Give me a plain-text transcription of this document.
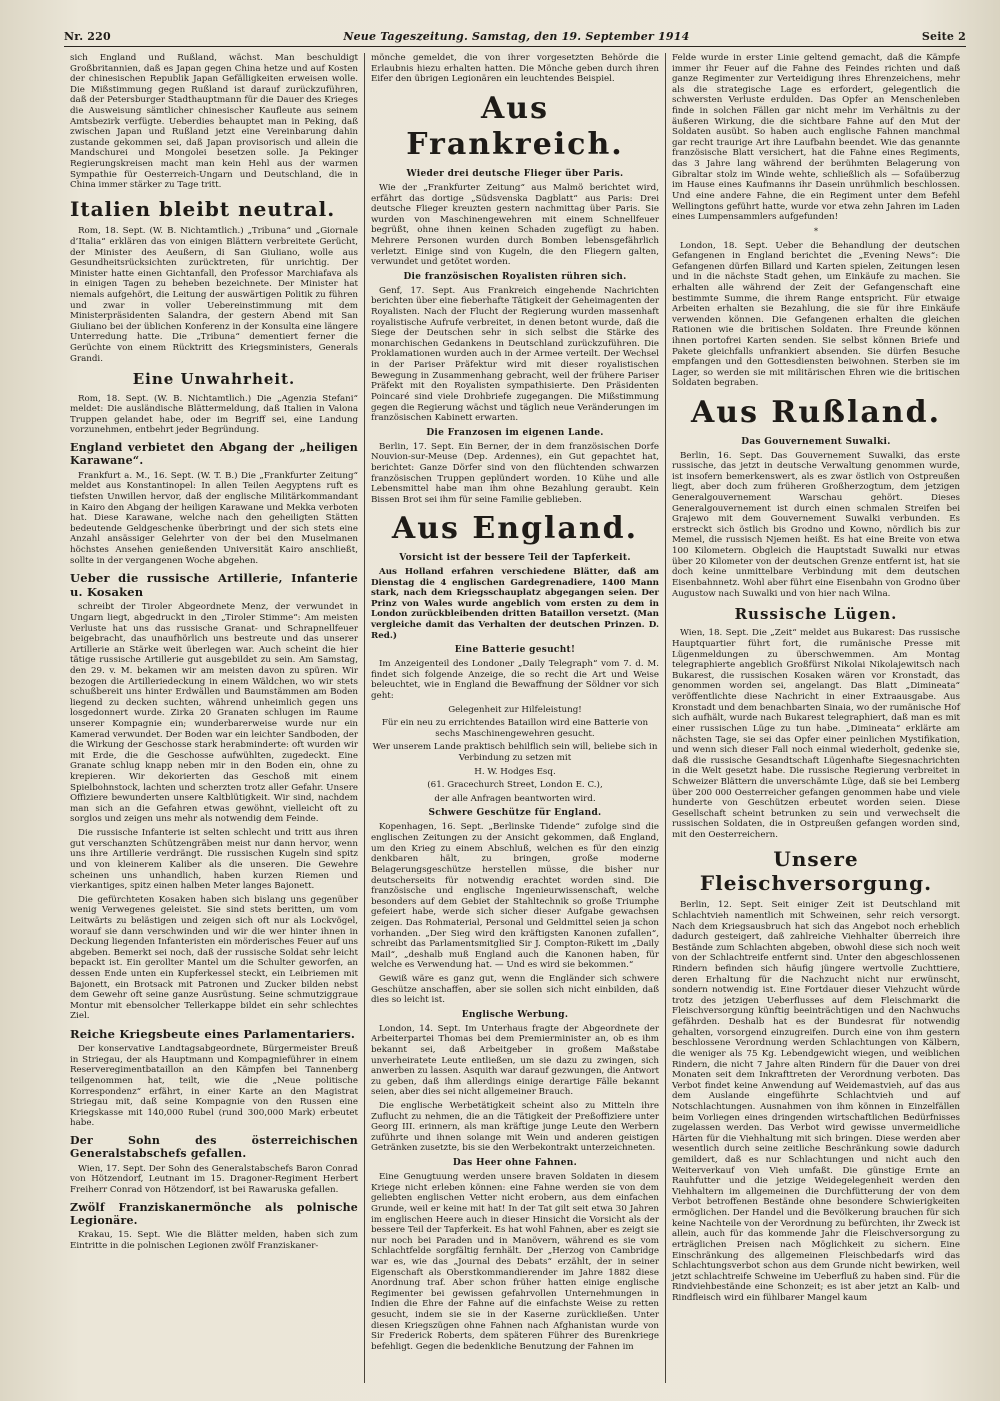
Nr. 220	Neue Tageszeitung. Samstag, den 19. September 1914	Seite 2

sich England und Rußland, wächst. Man beschuldigt Großbritannien, daß es Japan gegen China hetze und auf Kosten der chinesischen Republik Japan Gefälligkeiten erweisen wolle. Die Mißstimmung gegen Rußland ist darauf zurückzuführen, daß der Petersburger Stadthauptmann für die Dauer des Krieges die Ausweisung sämtlicher chinesischer Kaufleute aus seinem Amtsbezirk verfügte. Ueberdies behauptet man in Peking, daß zwischen Japan und Rußland jetzt eine Vereinbarung dahin zustande gekommen sei, daß Japan provisorisch und allein die Mandschurei und Mongolei besetzen solle. Ja Pekinger Regierungskreisen macht man kein Hehl aus der warmen Sympathie für Oesterreich-Ungarn und Deutschland, die in China immer stärker zu Tage tritt.

Italien bleibt neutral.

Rom, 18. Sept. (W. B. Nichtamtlich.) „Tribuna“ und „Giornale d’Italia“ erklären das von einigen Blättern verbreitete Gerücht, der Minister des Aeußern, di San Giuliano, wolle aus Gesundheitsrücksichten zurücktreten, für unrichtig. Der Minister hatte einen Gichtanfall, den Professor Marchiafava als in einigen Tagen zu beheben bezeichnete. Der Minister hat niemals aufgehört, die Leitung der auswärtigen Politik zu führen und zwar in voller Uebereinstimmung mit dem Ministerpräsidenten Salandra, der gestern Abend mit San Giuliano bei der üblichen Konferenz in der Konsulta eine längere Unterredung hatte. Die „Tribuna“ dementiert ferner die Gerüchte von einem Rücktritt des Kriegsministers, Generals Grandi.

Eine Unwahrheit.

Rom, 18. Sept. (W. B. Nichtamtlich.) Die „Agenzia Stefani“ meldet: Die ausländische Blättermeldung, daß Italien in Valona Truppen gelandet habe, oder im Begriff sei, eine Landung vorzunehmen, entbehrt jeder Begründung.

England verbietet den Abgang der „heiligen Karawane“.

Frankfurt a. M., 16. Sept. (W. T. B.) Die „Frankfurter Zeitung“ meldet aus Konstantinopel: In allen Teilen Aegyptens ruft es tiefsten Unwillen hervor, daß der englische Militärkommandant in Kairo den Abgang der heiligen Karawane und Mekka verboten hat. Diese Karawane, welche nach den geheiligten Stätten bedeutende Geldgeschenke überbringt und der sich stets eine Anzahl ansässiger Gelehrter von der bei den Muselmanen höchstes Ansehen genießenden Universität Kairo anschließt, sollte in der vergangenen Woche abgehen.

Ueber die russische Artillerie, Infanterie u. Kosaken

schreibt der Tiroler Abgeordnete Menz, der verwundet in Ungarn liegt, abgedruckt in den „Tiroler Stimme“: Am meisten Verluste hat uns das russische Granat- und Schrapnellfeuer beigebracht, das unaufhörlich uns bestreute und das unserer Artillerie an Stärke weit überlegen war. Auch scheint die hier tätige russische Artillerie gut ausgebildet zu sein. Am Samstag, den 29. v. M. bekamen wir am meisten davon zu spüren. Wir bezogen die Artilleriedeckung in einem Wäldchen, wo wir stets schußbereit uns hinter Erdwällen und Baumstämmen am Boden liegend zu decken suchten, während unheimlich gegen uns losgedonnert wurde. Zirka 20 Granaten schlugen im Raume unserer Kompagnie ein; wunderbarerweise wurde nur ein Kamerad verwundet. Der Boden war ein leichter Sandboden, der die Wirkung der Geschosse stark herabminderte: oft wurden wir mit Erde, die die Geschosse aufwühlten, zugedeckt. Eine Granate schlug knapp neben mir in den Boden ein, ohne zu krepieren. Wir dekorierten das Geschoß mit einem Spielbohnstock, lachten und scherzten trotz aller Gefahr. Unsere Offiziere bewunderten unsere Kaltblütigkeit. Wir sind, nachdem man sich an die Gefahren etwas gewöhnt, vielleicht oft zu sorglos und zeigen uns mehr als notwendig dem Feinde.

Die russische Infanterie ist selten schlecht und tritt aus ihren gut verschanzten Schützengräben meist nur dann hervor, wenn uns ihre Artillerie verdrängt. Die russischen Kugeln sind spitz und von kleinerem Kaliber als die unseren. Die Gewehre scheinen uns unhandlich, haben kurzen Riemen und vierkantiges, spitz einen halben Meter langes Bajonett.

Die gefürchteten Kosaken haben sich bislang uns gegenüber wenig Verwegenes geleistet. Sie sind stets beritten, um vom Leitwärts zu belästigen und zeigen sich oft nur als Lockvögel, worauf sie dann verschwinden und wir die wer hinter ihnen in Deckung liegenden Infanteristen ein mörderisches Feuer auf uns abgeben. Bemerkt sei noch, daß der russische Soldat sehr leicht bepackt ist. Ein gerollter Mantel um die Schulter geworfen, an dessen Ende unten ein Kupferkessel steckt, ein Leibriemen mit Bajonett, ein Brotsack mit Patronen und Zucker bilden nebst dem Gewehr oft seine ganze Ausrüstung. Seine schmutziggraue Montur mit ebensolcher Tellerkappe bildet ein sehr schlechtes Ziel.

Reiche Kriegsbeute eines Parlamentariers.

Der konservative Landtagsabgeordnete, Bürgermeister Breuß in Striegau, der als Hauptmann und Kompagnieführer in einem Reserveregimentbataillon an den Kämpfen bei Tannenberg teilgenommen hat, teilt, wie die „Neue politische Korrespondenz“ erfährt, in einer Karte an den Magistrat Striegau mit, daß seine Kompagnie von den Russen eine Kriegskasse mit 140,000 Rubel (rund 300,000 Mark) erbeutet habe.

Der Sohn des österreichischen Generalstabschefs gefallen.

Wien, 17. Sept. Der Sohn des Generalstabschefs Baron Conrad von Hötzendorf, Leutnant im 15. Dragoner-Regiment Herbert Freiherr Conrad von Hötzendorf, ist bei Rawaruska gefallen.

Zwölf Franziskanermönche als polnische Legionäre.

Krakau, 15. Sept. Wie die Blätter melden, haben sich zum Eintritte in die polnischen Legionen zwölf Franziskaner-

mönche gemeldet, die von ihrer vorgesetzten Behörde die Erlaubnis hiezu erhalten hatten. Die Mönche geben durch ihren Eifer den übrigen Legionären ein leuchtendes Beispiel.

Aus Frankreich.
Wieder drei deutsche Flieger über Paris.

Wie der „Frankfurter Zeitung“ aus Malmö berichtet wird, erfährt das dortige „Südsvenska Dagblatt“ aus Paris: Drei deutsche Flieger kreuzten gestern nachmittag über Paris. Sie wurden von Maschinengewehren mit einem Schnellfeuer begrüßt, ohne ihnen keinen Schaden zugefügt zu haben. Mehrere Personen wurden durch Bomben lebensgefährlich verletzt. Einige sind von Kugeln, die den Fliegern galten, verwundet und getötet worden.

Die französischen Royalisten rühren sich.

Genf, 17. Sept. Aus Frankreich eingehende Nachrichten berichten über eine fieberhafte Tätigkeit der Geheimagenten der Royalisten. Nach der Flucht der Regierung wurden massenhaft royalistische Aufrufe verbreitet, in denen betont wurde, daß die Siege der Deutschen sehr in sich selbst die Stärke des monarchischen Gedankens in Deutschland zurückzuführen. Die Proklamationen wurden auch in der Armee verteilt. Der Wechsel in der Pariser Präfektur wird mit dieser royalistischen Bewegung in Zusammenhang gebracht, weil der frühere Pariser Präfekt mit den Royalisten sympathisierte. Den Präsidenten Poincaré sind viele Drohbriefe zugegangen. Die Mißstimmung gegen die Regierung wächst und täglich neue Veränderungen im französischen Kabinett erwarten.

Die Franzosen im eigenen Lande.

Berlin, 17. Sept. Ein Berner, der in dem französischen Dorfe Nouvion-sur-Meuse (Dep. Ardennes), ein Gut gepachtet hat, berichtet: Ganze Dörfer sind von den flüchtenden schwarzen französischen Truppen geplündert worden. 10 Kühe und alle Lebensmittel habe man ihm ohne Bezahlung geraubt. Kein Bissen Brot sei ihm für seine Familie geblieben.

Aus England.
Vorsicht ist der bessere Teil der Tapferkeit.

Aus Holland erfahren verschiedene Blätter, daß am Dienstag die 4 englischen Gardegrenadiere, 1400 Mann stark, nach dem Kriegsschauplatz abgegangen seien. Der Prinz von Wales wurde angeblich vom ersten zu dem in London zurückbleibenden dritten Bataillon versetzt. (Man vergleiche damit das Verhalten der deutschen Prinzen. D. Red.)

Eine Batterie gesucht!

Im Anzeigenteil des Londoner „Daily Telegraph“ vom 7. d. M. findet sich folgende Anzeige, die so recht die Art und Weise beleuchtet, wie in England die Bewaffnung der Söldner vor sich geht:

Gelegenheit zur Hilfeleistung!

Für ein neu zu errichtendes Bataillon wird eine Batterie von sechs Maschinengewehren gesucht.

Wer unserem Lande praktisch behilflich sein will, beliebe sich in Verbindung zu setzen mit

H. W. Hodges Esq.

(61. Gracechurch Street, London E. C.),

der alle Anfragen beantworten wird.

Schwere Geschütze für England.

Kopenhagen, 16. Sept. „Berlinske Tidende“ zufolge sind die englischen Zeitungen zu der Ansicht gekommen, daß England, um den Krieg zu einem Abschluß, welchen es für den einzig denkbaren hält, zu bringen, große moderne Belagerungsgeschütze herstellen müsse, die bisher nur deutscherseits für notwendig erachtet worden sind. Die französische und englische Ingenieurwissenschaft, welche besonders auf dem Gebiet der Stahltechnik so große Triumphe gefeiert habe, werde sich sicher dieser Aufgabe gewachsen zeigen. Das Rohmaterial, Personal und Geldmittel seien ja schon vorhanden. „Der Sieg wird den kräftigsten Kanonen zufallen“, schreibt das Parlamentsmitglied Sir J. Compton-Rikett im „Daily Mail“, „deshalb muß England auch die Kanonen haben, für welche es Verwendung hat. — Und es wird sie bekommen.“

Gewiß wäre es ganz gut, wenn die Engländer sich schwere Geschütze anschaffen, aber sie sollen sich nicht einbilden, daß dies so leicht ist.

Englische Werbung.

London, 14. Sept. Im Unterhaus fragte der Abgeordnete der Arbeiterpartei Thomas bei dem Premierminister an, ob es ihm bekannt sei, daß Arbeitgeber in großem Maßstabe unverheiratete Leute entließen, um sie dazu zu zwingen, sich anwerben zu lassen. Asquith war darauf gezwungen, die Antwort zu geben, daß ihm allerdings einige derartige Fälle bekannt seien, aber dies sei nicht allgemeiner Brauch.

Die englische Werbetätigkeit scheint also zu Mitteln ihre Zuflucht zu nehmen, die an die Tätigkeit der Preßoffiziere unter Georg III. erinnern, als man kräftige junge Leute den Werbern zuführte und ihnen solange mit Wein und anderen geistigen Getränken zusetzte, bis sie den Werbekontrakt unterzeichneten.

Das Heer ohne Fahnen.

Eine Genugtuung werden unsere braven Soldaten in diesem Kriege nicht erleben können: eine Fahne werden sie von dem geliebten englischen Vetter nicht erobern, aus dem einfachen Grunde, weil er keine mit hat! In der Tat gilt seit etwa 30 Jahren im englischen Heere auch in dieser Hinsicht die Vorsicht als der bessere Teil der Tapferkeit. Es hat wohl Fahnen, aber es zeigt sie nur noch bei Paraden und in Manövern, während es sie vom Schlachtfelde sorgfältig fernhält. Der „Herzog von Cambridge war es, wie das „Journal des Debats“ erzählt, der in seiner Eigenschaft als Oberstkommandierender im Jahre 1882 diese Anordnung traf. Aber schon früher hatten einige englische Regimenter bei gewissen gefahrvollen Unternehmungen in Indien die Ehre der Fahne auf die einfachste Weise zu retten gesucht, indem sie sie in der Kaserne zurückließen. Unter diesen Kriegszügen ohne Fahnen nach Afghanistan wurde von Sir Frederick Roberts, dem späteren Führer des Burenkriege befehligt. Gegen die bedenkliche Benutzung der Fahnen im

Felde wurde in erster Linie geltend gemacht, daß die Kämpfe immer ihr Feuer auf die Fahne des Feindes richten und daß ganze Regimenter zur Verteidigung ihres Ehrenzeichens, mehr als die strategische Lage es erfordert, gelegentlich die schwersten Verluste erdulden. Das Opfer an Menschenleben finde in solchen Fällen gar nicht mehr im Verhältnis zu der äußeren Wirkung, die die sichtbare Fahne auf den Mut der Soldaten ausübt. So haben auch englische Fahnen manchmal gar recht traurige Art ihre Laufbahn beendet. Wie das genannte französische Blatt versichert, hat die Fahne eines Regiments, das 3 Jahre lang während der berühmten Belagerung von Gibraltar stolz im Winde wehte, schließlich als — Sofaüberzug im Hause eines Kaufmanns ihr Dasein unrühmlich beschlossen. Und eine andere Fahne, die ein Regiment unter dem Befehl Wellingtons geführt hatte, wurde vor etwa zehn Jahren im Laden eines Lumpensammlers aufgefunden!

*

London, 18. Sept. Ueber die Behandlung der deutschen Gefangenen in England berichtet die „Evening News“: Die Gefangenen dürfen Billard und Karten spielen, Zeitungen lesen und in die nächste Stadt gehen, um Einkäufe zu machen. Sie erhalten alle während der Zeit der Gefangenschaft eine bestimmte Summe, die ihrem Range entspricht. Für etwaige Arbeiten erhalten sie Bezahlung, die sie für ihre Einkäufe verwenden können. Die Gefangenen erhalten die gleichen Rationen wie die britischen Soldaten. Ihre Freunde können ihnen portofrei Karten senden. Sie selbst können Briefe und Pakete gleichfalls unfrankiert absenden. Sie dürfen Besuche empfangen und den Gottesdiensten beiwohnen. Sterben sie im Lager, so werden sie mit militärischen Ehren wie die britischen Soldaten begraben.

Aus Rußland.
Das Gouvernement Suwalki.

Berlin, 16. Sept. Das Gouvernement Suwalki, das erste russische, das jetzt in deutsche Verwaltung genommen wurde, ist insofern bemerkenswert, als es zwar östlich von Ostpreußen liegt, aber doch zum früheren Großherzogtum, dem jetzigen Generalgouvernement Warschau gehört. Dieses Generalgouvernement ist durch einen schmalen Streifen bei Grajewo mit dem Gouvernement Suwalki verbunden. Es erstreckt sich östlich bis Grodno und Kowno, nördlich bis zur Memel, die russisch Njemen heißt. Es hat eine Breite von etwa 100 Kilometern. Obgleich die Hauptstadt Suwalki nur etwas über 20 Kilometer von der deutschen Grenze entfernt ist, hat sie doch keine unmittelbare Verbindung mit dem deutschen Eisenbahnnetz. Wohl aber führt eine Eisenbahn von Grodno über Augustow nach Suwalki und von hier nach Wilna.

Russische Lügen.

Wien, 18. Sept. Die „Zeit“ meldet aus Bukarest: Das russische Hauptquartier führt fort, die rumänische Presse mit Lügenmeldungen zu überschwemmen. Am Montag telegraphierte angeblich Großfürst Nikolai Nikolajewitsch nach Bukarest, die russischen Kosaken wären vor Kronstadt, das genommen worden sei, angelangt. Das Blatt „Dimineata“ veröffentlichte diese Nachricht in einer Extraausgabe. Aus Kronstadt und dem benachbarten Sinaia, wo der rumänische Hof sich aufhält, wurde nach Bukarest telegraphiert, daß man es mit einer russischen Lüge zu tun habe. „Dimineata“ erklärte am nächsten Tage, sie sei das Opfer einer peinlichen Mystifikation, und wenn sich dieser Fall noch einmal wiederholt, gedenke sie, daß die russische Gesandtschaft Lügenhafte Siegesnachrichten in die Welt gesetzt habe. Die russische Regierung verbreitet in Schweizer Blättern die unverschämte Lüge, daß sie bei Lemberg über 200 000 Oesterreicher gefangen genommen habe und viele hunderte von Geschützen erbeutet worden seien. Diese Gesellschaft scheint betrunken zu sein und verwechselt die russischen Soldaten, die in Ostpreußen gefangen worden sind, mit den Oesterreichern.

Unsere Fleischversorgung.

Berlin, 12. Sept. Seit einiger Zeit ist Deutschland mit Schlachtvieh namentlich mit Schweinen, sehr reich versorgt. Nach dem Kriegsausbruch hat sich das Angebot noch erheblich dadurch gesteigert, daß zahlreiche Viehhalter überreich ihre Bestände zum Schlachten abgeben, obwohl diese sich noch weit von der Schlachtreife entfernt sind. Unter den abgeschlossenen Rindern befinden sich häufig jüngere wertvolle Zuchttiere, deren Erhaltung für die Nachzucht nicht nur erwünscht, sondern notwendig ist. Eine Fortdauer dieser Viehzucht würde trotz des jetzigen Ueberflusses auf dem Fleischmarkt die Fleischversorgung künftig beeinträchtigen und den Nachwuchs gefährden. Deshalb hat es der Bundesrat für notwendig gehalten, vorsorgend einzugreifen. Durch eine von ihm gestern beschlossene Verordnung werden Schlachtungen von Kälbern, die weniger als 75 Kg. Lebendgewicht wiegen, und weiblichen Rindern, die nicht 7 Jahre alten Rindern für die Dauer von drei Monaten seit dem Inkrafttreten der Verordnung verboten. Das Verbot findet keine Anwendung auf Weidemastvieh, auf das aus dem Auslande eingeführte Schlachtvieh und auf Notschlachtungen. Ausnahmen von ihm können in Einzelfällen beim Vorliegen eines dringenden wirtschaftlichen Bedürfnisses zugelassen werden. Das Verbot wird gewisse unvermeidliche Härten für die Viehhaltung mit sich bringen. Diese werden aber wesentlich durch seine zeitliche Beschränkung sowie dadurch gemildert, daß es nur Schlachtungen und nicht auch den Weiterverkauf von Vieh umfaßt. Die günstige Ernte an Rauhfutter und die jetzige Weidegelegenheit werden den Viehhaltern im allgemeinen die Durchfütterung der von dem Verbot betroffenen Bestände ohne besondere Schwierigkeiten ermöglichen. Der Handel und die Bevölkerung brauchen für sich keine Nachteile von der Verordnung zu befürchten, ihr Zweck ist allein, auch für das kommende Jahr die Fleischversorgung zu erträglichen Preisen nach Möglichkeit zu sichern. Eine Einschränkung des allgemeinen Fleischbedarfs wird das Schlachtungsverbot schon aus dem Grunde nicht bewirken, weil jetzt schlachtreife Schweine im Ueberfluß zu haben sind. Für die Rindviehbestände eine Schonzeit; es ist aber jetzt an Kalb- und Rindfleisch wird ein fühlbarer Mangel kaum
